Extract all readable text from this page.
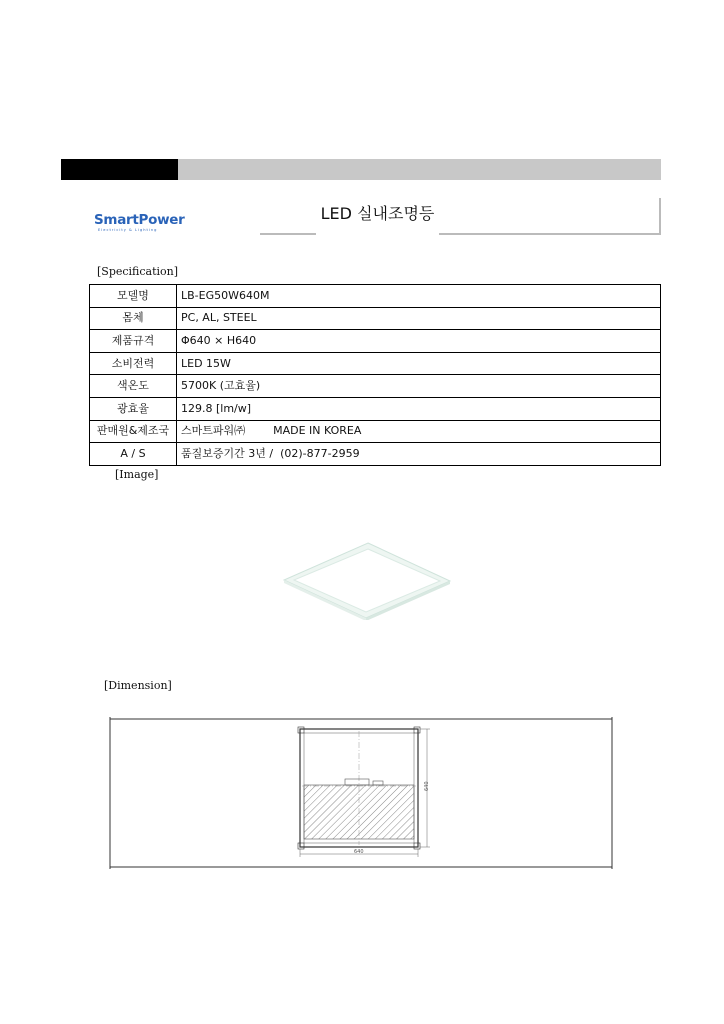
SmartPower
Electricity & Lighting
LED 실내조명등
[Specification]
모델명	LB-EG50W640M
몸체	PC, AL, STEEL
제품규격	Φ640 × H640
소비전력	LED 15W
색온도	5700K (고효율)
광효율	129.8 [lm/w]
판매원&제조국	스마트파워㈜        MADE IN KOREA
A / S	품질보증기간 3년 /  (02)-877-2959
[Image]
[Dimension]
640
640
